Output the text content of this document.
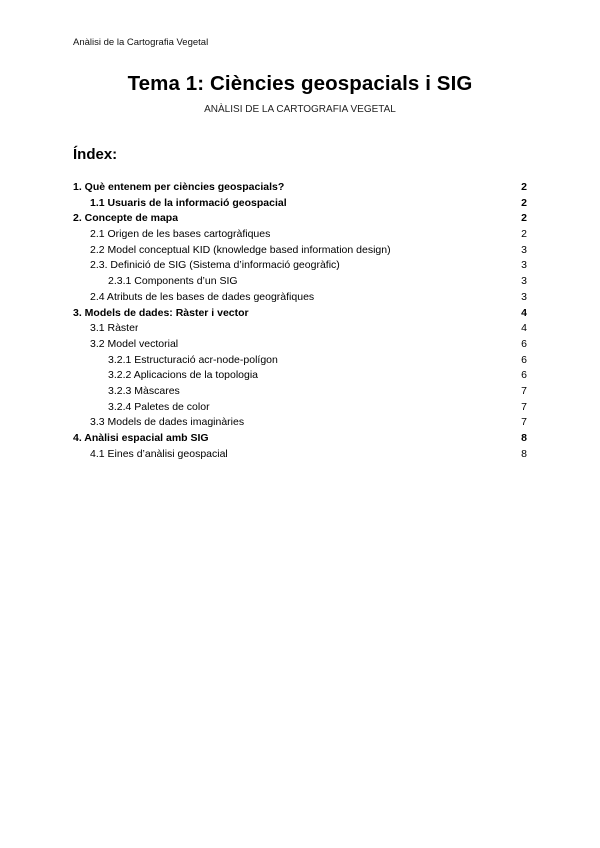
Anàlisi de la Cartografia Vegetal
Tema 1: Ciències geospacials i SIG
ANÀLISI DE LA CARTOGRAFIA VEGETAL
Índex:
1. Què entenem per ciències geospacials?	2
1.1 Usuaris de la informació geospacial	2
2. Concepte de mapa	2
2.1 Origen de les bases cartogràfiques	2
2.2 Model conceptual KID (knowledge based information design)	3
2.3. Definició de SIG (Sistema d’informació geogràfic)	3
2.3.1 Components d’un SIG	3
2.4 Atributs de les bases de dades geogràfiques	3
3. Models de dades: Ràster i vector	4
3.1 Ràster	4
3.2 Model vectorial	6
3.2.1 Estructuració acr-node-polígon	6
3.2.2 Aplicacions de la topologia	6
3.2.3 Màscares	7
3.2.4 Paletes de color	7
3.3 Models de dades imaginàries	7
4. Anàlisi espacial amb SIG	8
4.1 Eines d’anàlisi geospacial	8
